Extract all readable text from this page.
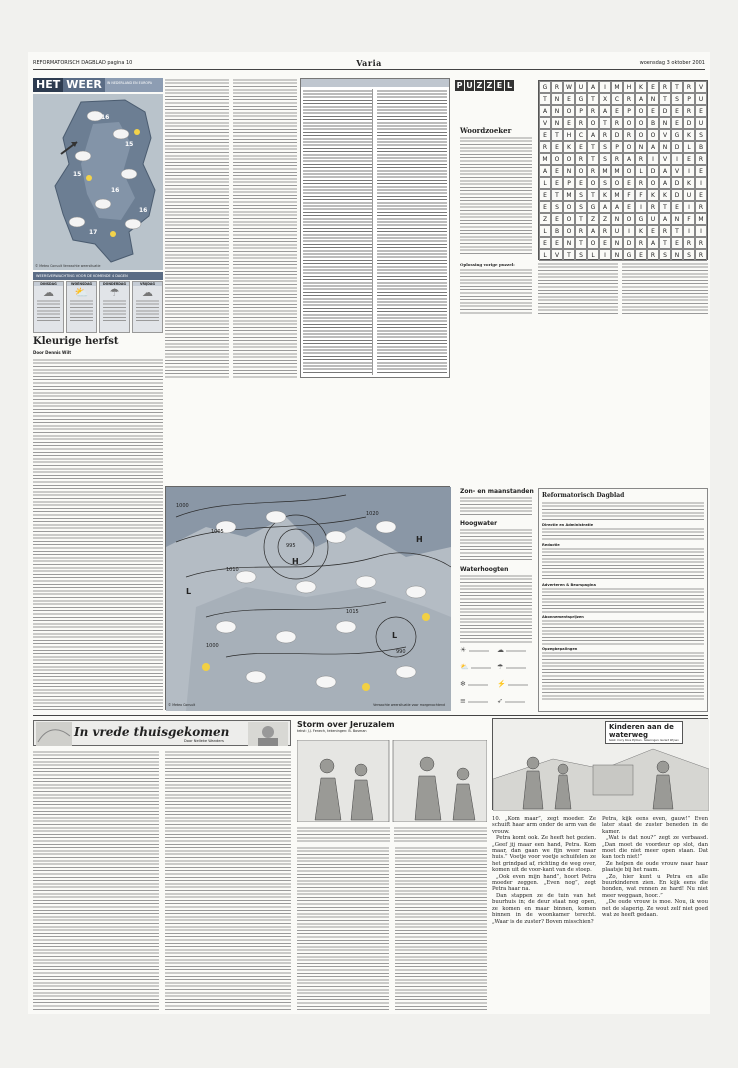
REFORMATORISCH DAGBLAD pagina 10	Varia	woensdag 3 oktober 2001
HET WEER	IN NEDERLAND EN EUROPA
16
15
15
16
17
16
© Meteo Consult Verwachte weersituatie
WEERSVERWACHTING VOOR DE KOMENDE 4 DAGEN
DINSDAG
☁
WOENSDAG
⛅
DONDERDAG
☂
VRIJDAG
☁
Kleurige herfst
Door Dennis Wilt
1000
1005
1010
995
1020
1015
990
1000
H
L
L
H
© Meteo Consult	Verwachte weersituatie voor morgenochtend
P U Z Z E L
Woordzoeker
Oplossing vorige puzzel:
G	R	W	U	A	I	M	H	K	E	R	T	R	V
T	N	E	G	T	X	C	R	A	N	T	S	P	U
A	N	O	P	R	A	E	P	O	E	D	E	R	E
V	N	E	R	O	T	R	O	O	B	N	E	D	U
E	T	H	C	A	R	D	R	O	O	V	G	K	S
R	E	K	E	T	S	P	O	N	A	N	D	L	B
M	O	O	R	T	S	R	A	R	I	V	I	E	R
A	E	N	O	R	M	M	O	L	D	A	V	I	E
L	E	P	E	O	S	O	E	R	O	A	D	K	I
E	T	M	S	T	K	M	F	F	K	K	D	U	E
E	S	O	S	G	A	A	E	I	R	T	E	I	R
Z	E	O	T	Z	Z	N	O	G	U	A	N	F	M
L	B	O	R	A	R	U	I	K	E	R	T	I	I
E	E	N	T	O	E	N	D	R	A	T	E	R	R
L	V	T	S	L	I	N	G	E	R	S	N	S	R
Zon- en maanstanden
Hoogwater
Waterhoogten
☀	☁
⛅	☂
❄	⚡
≡	➶
Reformatorisch Dagblad
Directie en Administratie
Redactie
Adverteren & Beurspagina
Abonnementsprijzen
Opzegbepalingen
In vrede thuisgekomen
Door Nelleke Wanders
Storm over Jeruzalem
tekst: J.J. Fenech, tekeningen: B. Bosman	Kinderen aan de waterweg
tekst: Corry Roos Pijlman · tekeningen: Gerard Wijnen

10. „Kom maar”, zegt moeder. Ze schuift haar arm onder de arm van de vrouw.

Petra komt ook. Ze heeft het gezien. „Geef jij maar een hand, Petra. Kom maar, dan gaan we fijn weer naar huis.” Voetje voor voetje schuifelen ze het grindpad af, richting de weg over, komen uit de voor-kant van de stoep.

„Ook even mijn hand”, hoort Petra moeder zeggen. „Even nog”, zegt Petra haar na.

Dan stappen ze de tuin van het buurhuis in; de deur staat nog open, ze komen en maar binnen, komen binnen in de woonkamer terecht. „Waar is de zuster? Boven misschien?

Petra, kijk eens even, gauw!” Even later staat de zuster beneden in de kamer.

„Wat is dat nou?” zegt ze verbaasd. „Dan moet de voordeur op slot, dan moet die niet meer open staan. Dat kan toch niet!”

Ze helpen de oude vrouw naar haar plaatsje bij het raam.

„Zo, hier kunt u Petra en alle buurkinderen zien. En kijk eens die honden, wat rennen ze hard! Nu niet meer weggaan, hoor..”

„De oude vrouw is moe. Nou, ik wou net de slaperig. Ze wout zelf niet goed wat ze heeft gedaan.
